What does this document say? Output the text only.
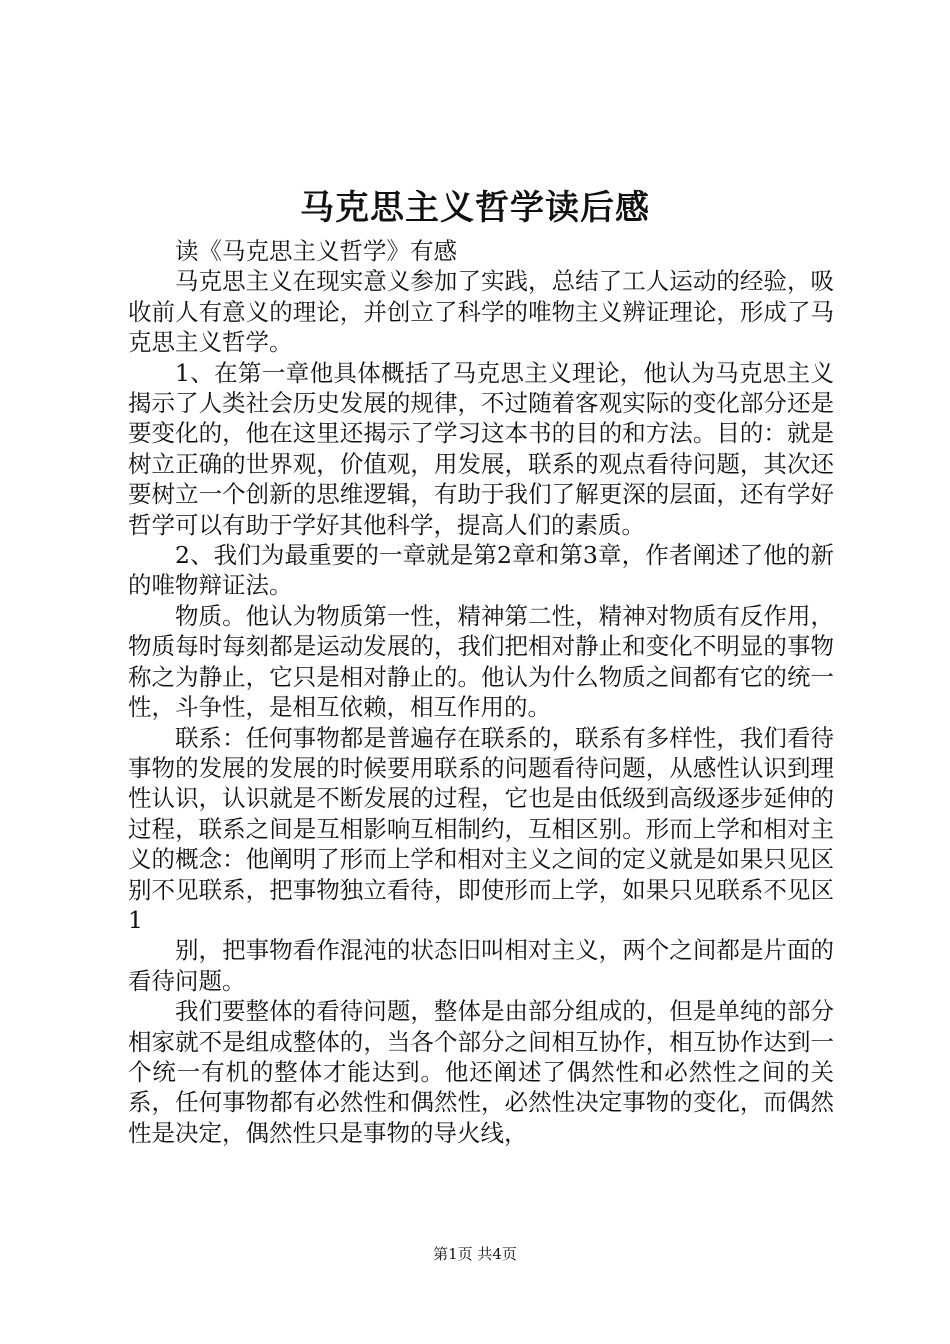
马克思主义哲学读后感

读《马克思主义哲学》有感

马克思主义在现实意义参加了实践，总结了工人运动的经验，吸收前人有意义的理论，并创立了科学的唯物主义辨证理论，形成了马克思主义哲学。

1、在第一章他具体概括了马克思主义理论，他认为马克思主义揭示了人类社会历史发展的规律，不过随着客观实际的变化部分还是要变化的，他在这里还揭示了学习这本书的目的和方法。目的：就是树立正确的世界观，价值观，用发展，联系的观点看待问题，其次还要树立一个创新的思维逻辑，有助于我们了解更深的层面，还有学好哲学可以有助于学好其他科学，提高人们的素质。

2、我们为最重要的一章就是第2章和第3章，作者阐述了他的新的唯物辩证法。

物质。他认为物质第一性，精神第二性，精神对物质有反作用，物质每时每刻都是运动发展的，我们把相对静止和变化不明显的事物称之为静止，它只是相对静止的。他认为什么物质之间都有它的统一性，斗争性，是相互依赖，相互作用的。

联系：任何事物都是普遍存在联系的，联系有多样性，我们看待事物的发展的发展的时候要用联系的问题看待问题，从感性认识到理性认识，认识就是不断发展的过程，它也是由低级到高级逐步延伸的过程，联系之间是互相影响互相制约，互相区别。形而上学和相对主义的概念：他阐明了形而上学和相对主义之间的定义就是如果只见区别不见联系，把事物独立看待，即使形而上学，如果只见联系不见区1

别，把事物看作混沌的状态旧叫相对主义，两个之间都是片面的看待问题。

我们要整体的看待问题，整体是由部分组成的，但是单纯的部分相家就不是组成整体的，当各个部分之间相互协作，相互协作达到一个统一有机的整体才能达到。他还阐述了偶然性和必然性之间的关系，任何事物都有必然性和偶然性，必然性决定事物的变化，而偶然性是决定，偶然性只是事物的导火线，

第1页 共4页
